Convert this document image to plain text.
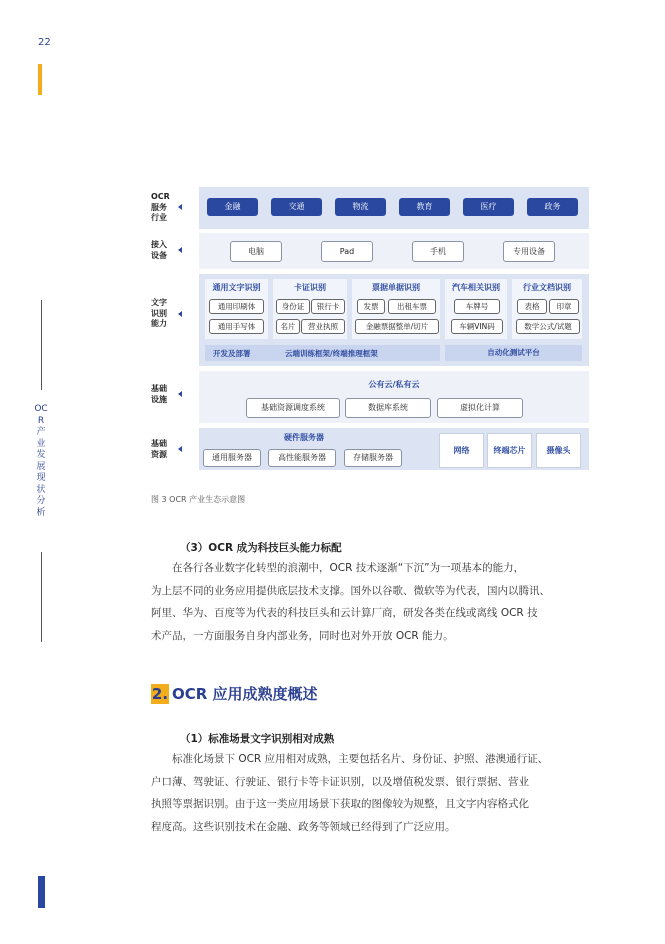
22
OCR产业发展现状分析
OCR
服务
行业
金融	交通	物流	教育	医疗	政务
接入
设备	电脑	Pad	手机	专用设备
文字
识别
能力
通用文字识别
通用印刷体
通用手写体
卡证识别
身份证	银行卡
名片	营业执照
票据单据识别
发票	出租车票
金融票据整单/切片
汽车相关识别
车牌号
车辆VIN码
行业文档识别
表格	印章
数学公式/试题
开发及部署	云端训练框架/终端推理框架	自动化测试平台
基础
设施
公有云/私有云
基础资源调度系统	数据库系统	虚拟化计算
基础
资源
硬件服务器
通用服务器	高性能服务器	存储服务器
网络	终端芯片	摄像头
图 3 OCR 产业生态示意图
（3）OCR 成为科技巨头能力标配
在各行各业数字化转型的浪潮中，OCR 技术逐渐“下沉”为一项基本的能力，
为上层不同的业务应用提供底层技术支撑。国外以谷歌、微软等为代表，国内以腾讯、
阿里、华为、百度等为代表的科技巨头和云计算厂商，研发各类在线或离线 OCR 技
术产品，一方面服务自身内部业务，同时也对外开放 OCR 能力。
2. OCR 应用成熟度概述
（1）标准场景文字识别相对成熟
标准化场景下 OCR 应用相对成熟，主要包括名片、身份证、护照、港澳通行证、
户口薄、驾驶证、行驶证、银行卡等卡证识别，以及增值税发票、银行票据、营业
执照等票据识别。由于这一类应用场景下获取的图像较为规整，且文字内容格式化
程度高。这些识别技术在金融、政务等领域已经得到了广泛应用。
